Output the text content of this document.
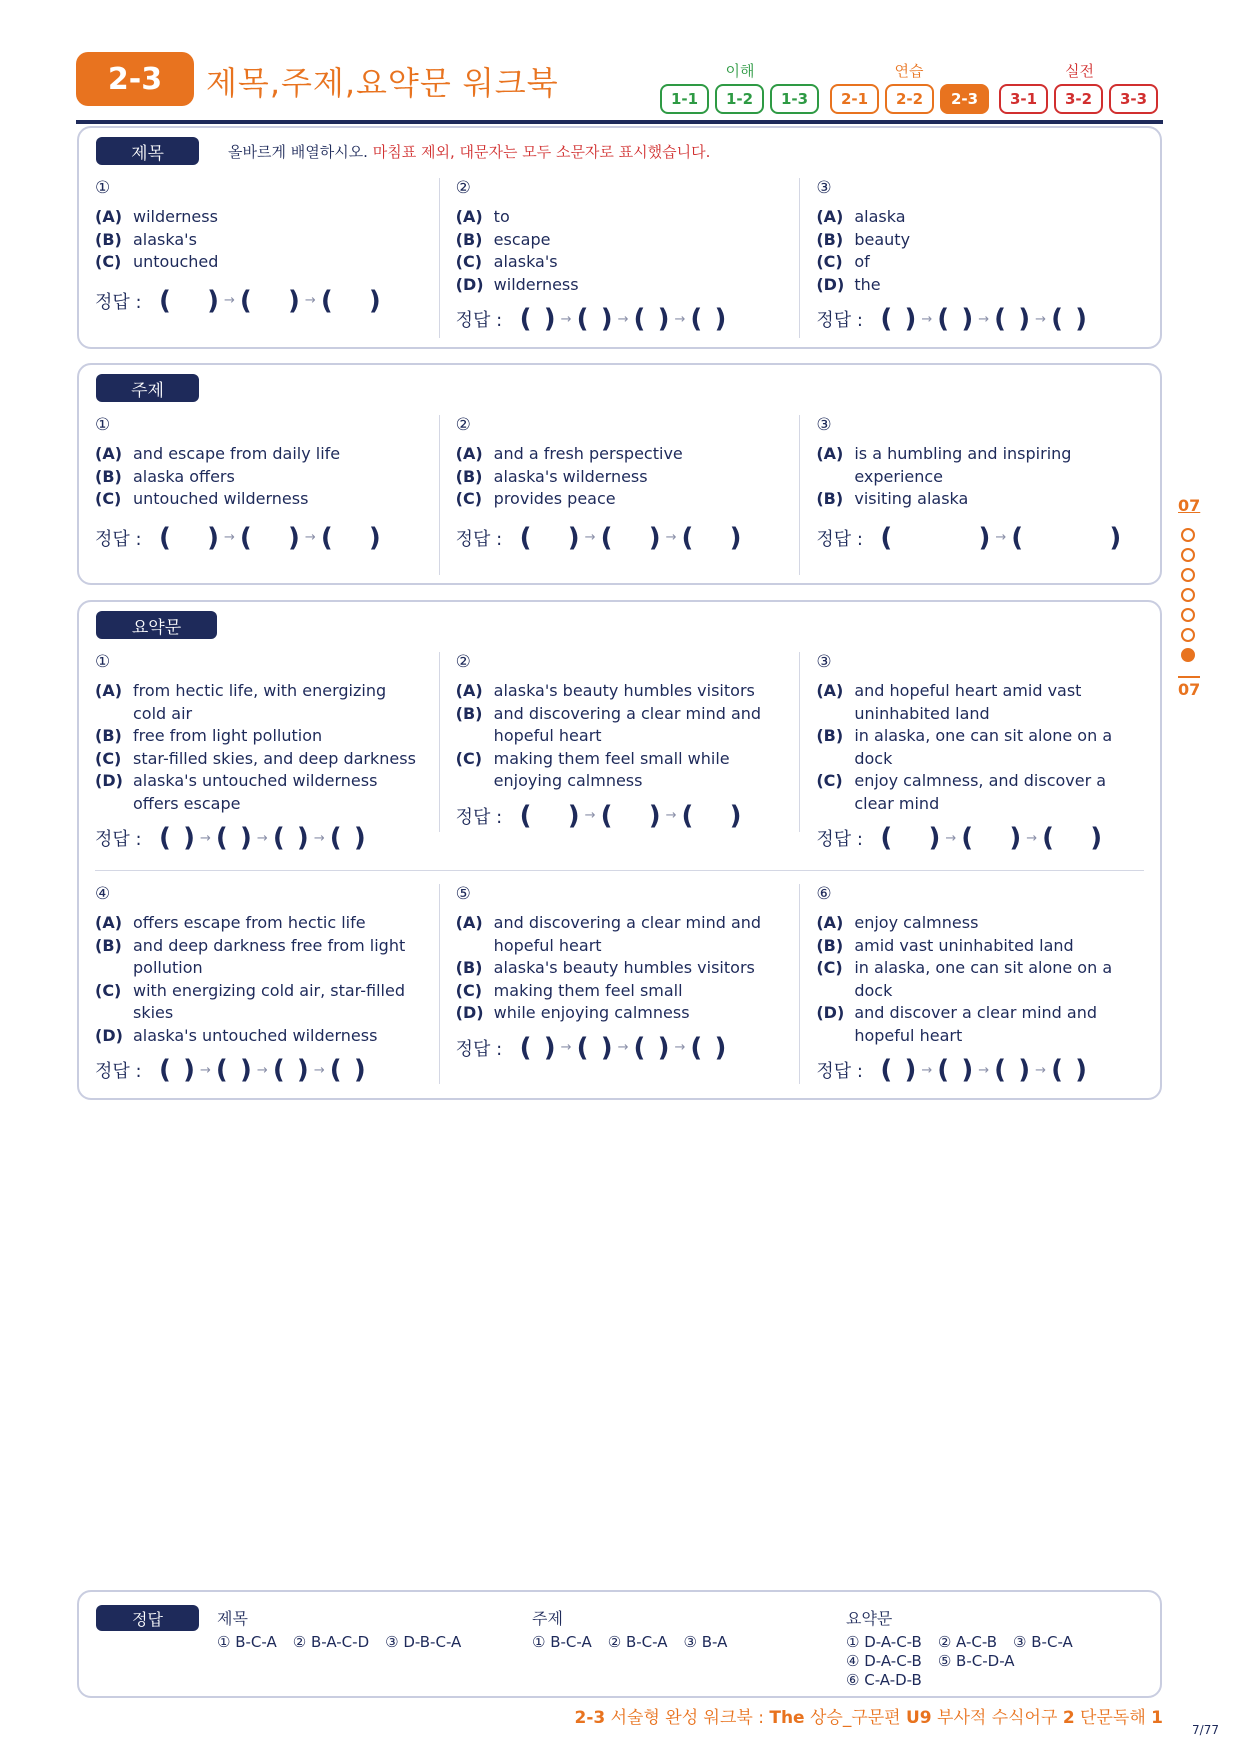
2-3	제목,주제,요약문 워크북	이해	연습	실전
1-1	1-2	1-3	2-1	2-2	2-3	3-1	3-2	3-3
제목	올바르게 배열하시오. 마침표 제외, 대문자는 모두 소문자로 표시했습니다.
①
(A) wilderness
(B) alaska's
(C) untouched
정답 : ( ) → ( ) → ( )
②
(A) to
(B) escape
(C) alaska's
(D) wilderness
정답 : ( ) → ( ) → ( ) → ( )
③
(A) alaska
(B) beauty
(C) of
(D) the
정답 : ( ) → ( ) → ( ) → ( )
주제
①
(A) and escape from daily life
(B) alaska offers
(C) untouched wilderness
정답 : ( ) → ( ) → ( )
②
(A) and a fresh perspective
(B) alaska's wilderness
(C) provides peace
정답 : ( ) → ( ) → ( )
③
(A) is a humbling and inspiring experience
(B) visiting alaska
정답 : (	) → (	)
요약문
①
(A) from hectic life, with energizing cold air
(B) free from light pollution
(C) star-filled skies, and deep darkness
(D) alaska's untouched wilderness offers escape
정답 : ( ) → ( ) → ( ) → ( )
②
(A) alaska's beauty humbles visitors
(B) and discovering a clear mind and hopeful heart
(C) making them feel small while enjoying calmness
정답 : ( ) → ( ) → ( )
③
(A) and hopeful heart amid vast uninhabited land
(B) in alaska, one can sit alone on a dock
(C) enjoy calmness, and discover a clear mind
정답 : ( ) → ( ) → ( )
④
(A) offers escape from hectic life
(B) and deep darkness free from light pollution
(C) with energizing cold air, star-filled skies
(D) alaska's untouched wilderness
정답 : ( ) → ( ) → ( ) → ( )
⑤
(A) and discovering a clear mind and hopeful heart
(B) alaska's beauty humbles visitors
(C) making them feel small
(D) while enjoying calmness
정답 : ( ) → ( ) → ( ) → ( )
⑥
(A) enjoy calmness
(B) amid vast uninhabited land
(C) in alaska, one can sit alone on a dock
(D) and discover a clear mind and hopeful heart
정답 : ( ) → ( ) → ( ) → ( )
07
07
정답	제목
① B-C-A ② B-A-C-D ③ D-B-C-A
주제
① B-C-A ② B-C-A ③ B-A
요약문
① D-A-C-B ② A-C-B ③ B-C-A
④ D-A-C-B ⑤ B-C-D-A
⑥ C-A-D-B
2-3 서술형 완성 워크북 : The 상승_구문편 U9 부사적 수식어구 2 단문독해 1
7/77
